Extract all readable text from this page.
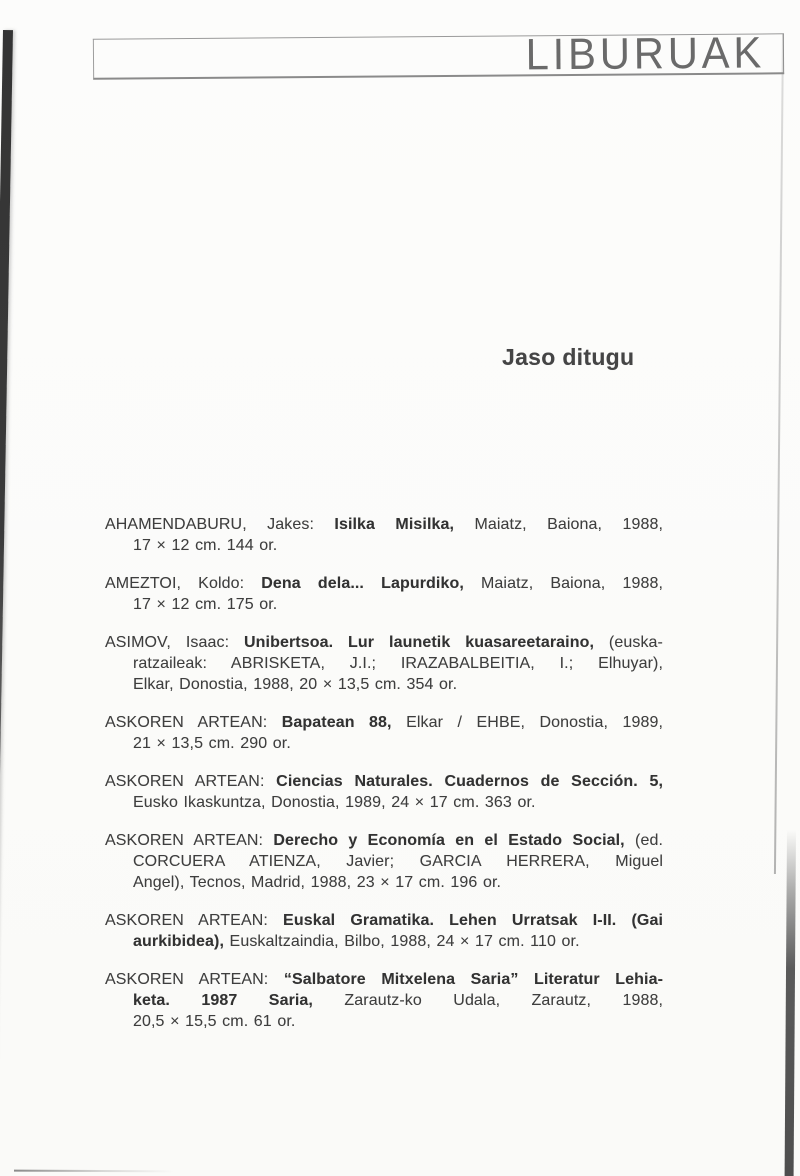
LIBURUAK
Jaso ditugu
AHAMENDABURU, Jakes: Isilka Misilka, Maiatz, Baiona, 1988,
17 × 12 cm. 144 or.
AMEZTOI, Koldo: Dena dela... Lapurdiko, Maiatz, Baiona, 1988,
17 × 12 cm. 175 or.
ASIMOV, Isaac: Unibertsoa. Lur launetik kuasareetaraino, (euska-
ratzaileak: ABRISKETA, J.I.; IRAZABALBEITIA, I.; Elhuyar),
Elkar, Donostia, 1988, 20 × 13,5 cm. 354 or.
ASKOREN ARTEAN: Bapatean 88, Elkar / EHBE, Donostia, 1989,
21 × 13,5 cm. 290 or.
ASKOREN ARTEAN: Ciencias Naturales. Cuadernos de Sección. 5,
Eusko Ikaskuntza, Donostia, 1989, 24 × 17 cm. 363 or.
ASKOREN ARTEAN: Derecho y Economía en el Estado Social, (ed.
CORCUERA ATIENZA, Javier; GARCIA HERRERA, Miguel
Angel), Tecnos, Madrid, 1988, 23 × 17 cm. 196 or.
ASKOREN ARTEAN: Euskal Gramatika. Lehen Urratsak I-II. (Gai
aurkibidea), Euskaltzaindia, Bilbo, 1988, 24 × 17 cm. 110 or.
ASKOREN ARTEAN: “Salbatore Mitxelena Saria” Literatur Lehia-
keta. 1987 Saria, Zarautz-ko Udala, Zarautz, 1988,
20,5 × 15,5 cm. 61 or.
